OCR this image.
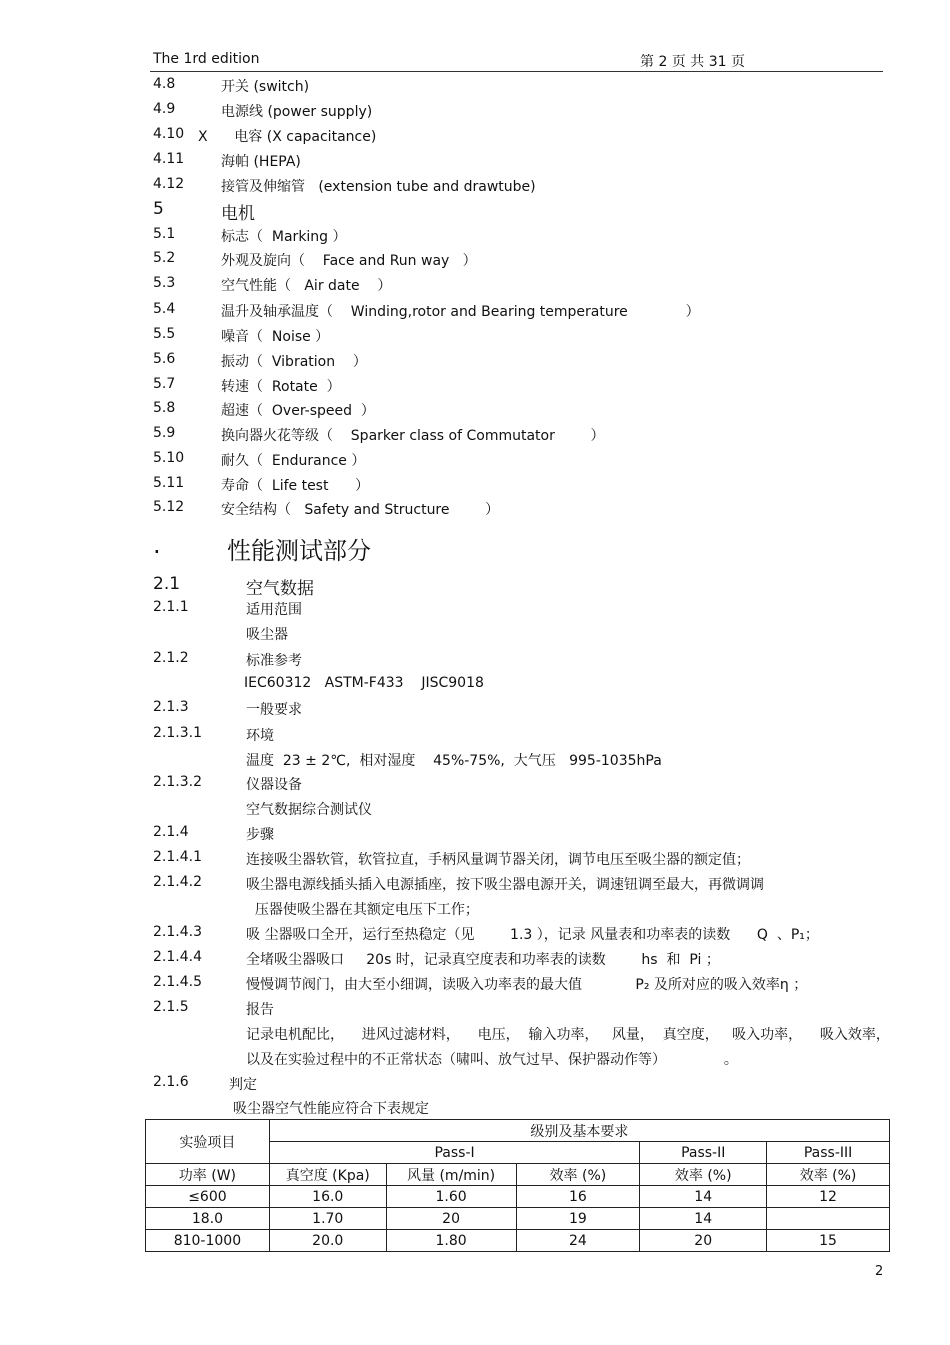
The 1rd edition	第 2 页 共 31 页
4.8	开关 (switch)
4.9	电源线 (power supply)
4.10 X      电容 (X capacitance)
4.11	海帕 (HEPA)
4.12	接管及伸缩管   (extension tube and drawtube)
5	电机
5.1	标志（  Marking ）
5.2	外观及旋向（    Face and Run way   ）
5.3	空气性能（   Air date    ）
5.4	温升及轴承温度（    Winding,rotor and Bearing temperature             ）
5.5	噪音（  Noise ）
5.6	振动（  Vibration    ）
5.7	转速（  Rotate  ）
5.8	超速（  Over-speed  ）
5.9	换向器火花等级（    Sparker class of Commutator        ）
5.10	耐久（  Endurance ）
5.11	寿命（  Life test      ）
5.12	安全结构（   Safety and Structure        ）
.	性能测试部分
2.1	空气数据
2.1.1	适用范围
吸尘器
2.1.2	标准参考
IEC60312   ASTM-F433    JISC9018
2.1.3	一般要求
2.1.3.1	环境
温度  23 ± 2℃,  相对湿度    45%-75%,  大气压   995-1035hPa
2.1.3.2	仪器设备
空气数据综合测试仪
2.1.4	步骤
2.1.4.1	连接吸尘器软管，软管拉直，手柄风量调节器关闭，调节电压至吸尘器的额定值；
2.1.4.2	吸尘器电源线插头插入电源插座，按下吸尘器电源开关，调速钮调至最大，再微调调
压器使吸尘器在其额定电压下工作；
2.1.4.3	吸 尘器吸口全开，运行至热稳定（见        1.3 ），记录 风量表和功率表的读数      Q  、P₁；
2.1.4.4	全堵吸尘器吸口     20s 时，记录真空度表和功率表的读数        hs  和  Pi ；
2.1.4.5	慢慢调节阀门，由大至小细调，读吸入功率表的最大值            P₂ 及所对应的吸入效率η ；
2.1.5	报告
记录电机配比，    进风过滤材料，    电压，  输入功率，   风量，  真空度，   吸入功率，    吸入效率，
以及在实验过程中的不正常状态（啸叫、放气过早、保护器动作等）             。
2.1.6	判定
吸尘器空气性能应符合下表规定
实验项目	级别及基本要求				
	Pass-I			Pass-II	Pass-III
功率 (W)	真空度 (Kpa)	风量 (m/min)	效率 (%)	效率 (%)	效率 (%)
≤600	16.0	1.60	16	14	12
18.0	1.70	20	19	14	
810-1000	20.0	1.80	24	20	15
2
